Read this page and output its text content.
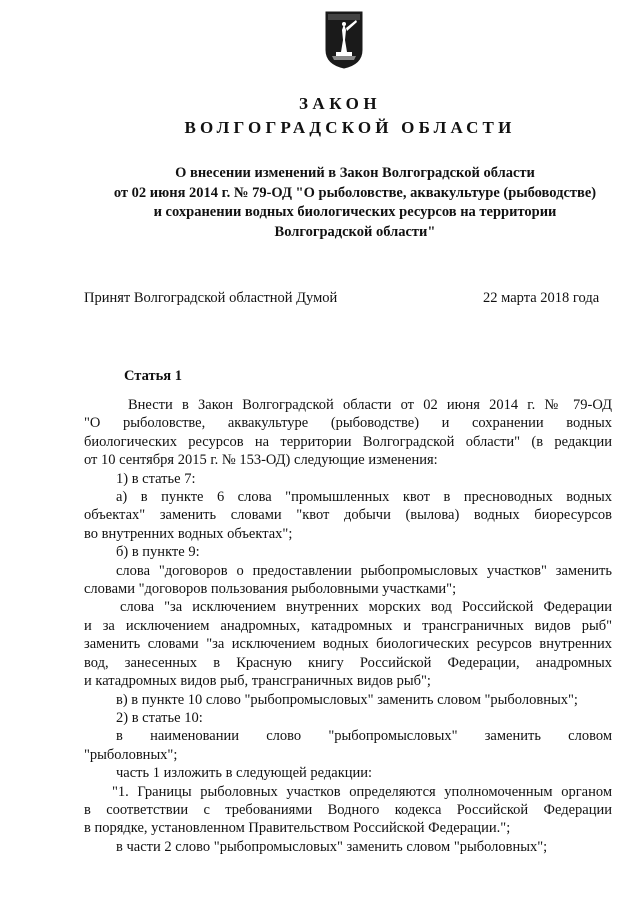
ЗАКОН
ВОЛГОГРАДСКОЙ ОБЛАСТИ
О внесении изменений в Закон Волгоградской области
от 02 июня 2014 г. № 79-ОД "О рыболовстве, аквакультуре (рыбоводстве)
и сохранении водных биологических ресурсов на территории
Волгоградской области"
Принят Волгоградской областной Думой	22 марта 2018 года
Статья 1

Внести в Закон Волгоградской области от 02 июня 2014 г. № 79-ОД

"О рыболовстве, аквакультуре (рыбоводстве) и сохранении водных

биологических ресурсов на территории Волгоградской области" (в редакции

от 10 сентября 2015 г. № 153-ОД) следующие изменения:

1) в статье 7:

а) в пункте 6 слова "промышленных квот в пресноводных водных

объектах" заменить словами "квот добычи (вылова) водных биоресурсов

во внутренних водных объектах";

б) в пункте 9:

слова "договоров о предоставлении рыбопромысловых участков" заменить

словами "договоров пользования рыболовными участками";

слова "за исключением внутренних морских вод Российской Федерации

и за исключением анадромных, катадромных и трансграничных видов рыб"

заменить словами "за исключением водных биологических ресурсов внутренних

вод, занесенных в Красную книгу Российской Федерации, анадромных

и катадромных видов рыб, трансграничных видов рыб";

в) в пункте 10 слово "рыбопромысловых" заменить словом "рыболовных";

2) в статье 10:

в наименовании слово "рыбопромысловых" заменить словом

"рыболовных";

часть 1 изложить в следующей редакции:

"1. Границы рыболовных участков определяются уполномоченным органом

в соответствии с требованиями Водного кодекса Российской Федерации

в порядке, установленном Правительством Российской Федерации.";

в части 2 слово "рыбопромысловых" заменить словом "рыболовных";
